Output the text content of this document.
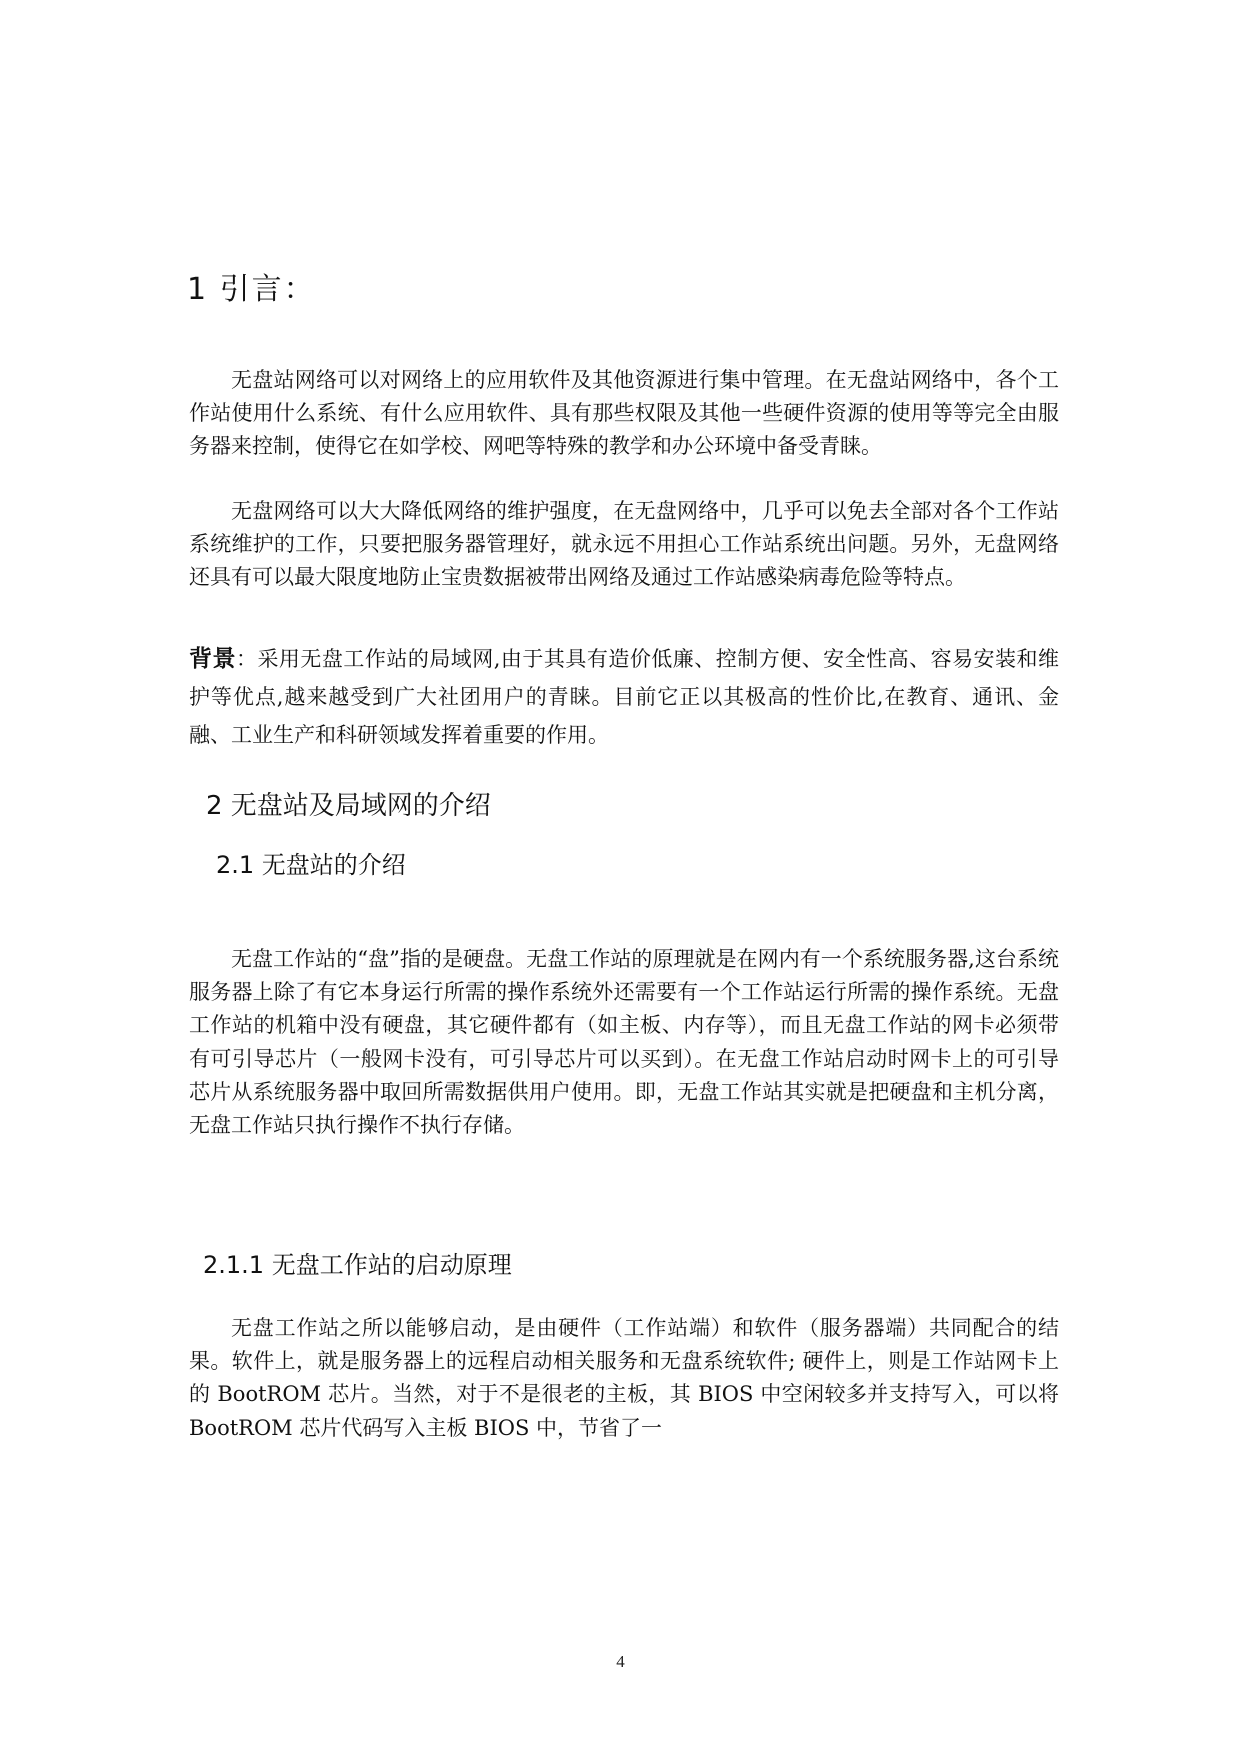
1 引言：
无盘站网络可以对网络上的应用软件及其他资源进行集中管理。在无盘站网络中，各个工作站使用什么系统、有什么应用软件、具有那些权限及其他一些硬件资源的使用等等完全由服务器来控制，使得它在如学校、网吧等特殊的教学和办公环境中备受青睐。
无盘网络可以大大降低网络的维护强度，在无盘网络中，几乎可以免去全部对各个工作站系统维护的工作，只要把服务器管理好，就永远不用担心工作站系统出问题。另外，无盘网络还具有可以最大限度地防止宝贵数据被带出网络及通过工作站感染病毒危险等特点。
背景：采用无盘工作站的局域网,由于其具有造价低廉、控制方便、安全性高、容易安装和维护等优点,越来越受到广大社团用户的青睐。目前它正以其极高的性价比,在教育、通讯、金融、工业生产和科研领域发挥着重要的作用。
2 无盘站及局域网的介绍
2.1 无盘站的介绍
无盘工作站的“盘”指的是硬盘。无盘工作站的原理就是在网内有一个系统服务器,这台系统服务器上除了有它本身运行所需的操作系统外还需要有一个工作站运行所需的操作系统。无盘工作站的机箱中没有硬盘，其它硬件都有（如主板、内存等），而且无盘工作站的网卡必须带有可引导芯片（一般网卡没有，可引导芯片可以买到）。在无盘工作站启动时网卡上的可引导芯片从系统服务器中取回所需数据供用户使用。即，无盘工作站其实就是把硬盘和主机分离，无盘工作站只执行操作不执行存储。
2.1.1 无盘工作站的启动原理
无盘工作站之所以能够启动，是由硬件（工作站端）和软件（服务器端）共同配合的结果。软件上，就是服务器上的远程启动相关服务和无盘系统软件; 硬件上，则是工作站网卡上的 BootROM 芯片。当然，对于不是很老的主板，其 BIOS 中空闲较多并支持写入，可以将 BootROM 芯片代码写入主板 BIOS 中，节省了一
4
